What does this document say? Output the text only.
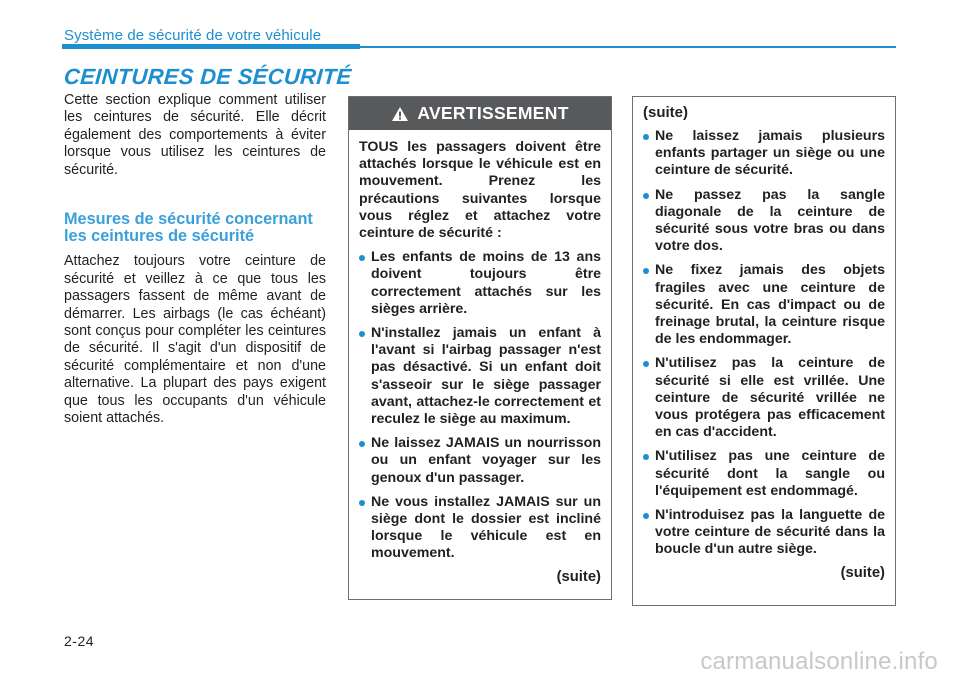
Système de sécurité de votre véhicule
CEINTURES DE SÉCURITÉ

Cette section explique comment utiliser les ceintures de sécurité. Elle décrit également des comportements à éviter lorsque vous utilisez les ceintures de sécurité.

Mesures de sécurité concernant les ceintures de sécurité

Attachez toujours votre ceinture de sécurité et veillez à ce que tous les passagers fassent de même avant de démarrer. Les airbags (le cas échéant) sont conçus pour compléter les ceintures de sécurité. Il s'agit d'un dispositif de sécurité complémentaire et non d'une alternative. La plupart des pays exigent que tous les occupants d'un véhicule soient attachés.

AVERTISSEMENT

TOUS les passagers doivent être attachés lorsque le véhicule est en mouvement. Prenez les précautions suivantes lorsque vous réglez et attachez votre ceinture de sécurité :

Les enfants de moins de 13 ans doivent toujours être correctement attachés sur les sièges arrière.
N'installez jamais un enfant à l'avant si l'airbag passager n'est pas désactivé. Si un enfant doit s'asseoir sur le siège passager avant, attachez-le correctement et reculez le siège au maximum.
Ne laissez JAMAIS un nourrisson ou un enfant voyager sur les genoux d'un passager.
Ne vous installez JAMAIS sur un siège dont le dossier est incliné lorsque le véhicule est en mouvement.
(suite)
(suite)
Ne laissez jamais plusieurs enfants partager un siège ou une ceinture de sécurité.
Ne passez pas la sangle diagonale de la ceinture de sécurité sous votre bras ou dans votre dos.
Ne fixez jamais des objets fragiles avec une ceinture de sécurité. En cas d'impact ou de freinage brutal, la ceinture risque de les endommager.
N'utilisez pas la ceinture de sécurité si elle est vrillée. Une ceinture de sécurité vrillée ne vous protégera pas efficacement en cas d'accident.
N'utilisez pas une ceinture de sécurité dont la sangle ou l'équipement est endommagé.
N'introduisez pas la languette de votre ceinture de sécurité dans la boucle d'un autre siège.
(suite)
2-24
carmanualsonline.info
